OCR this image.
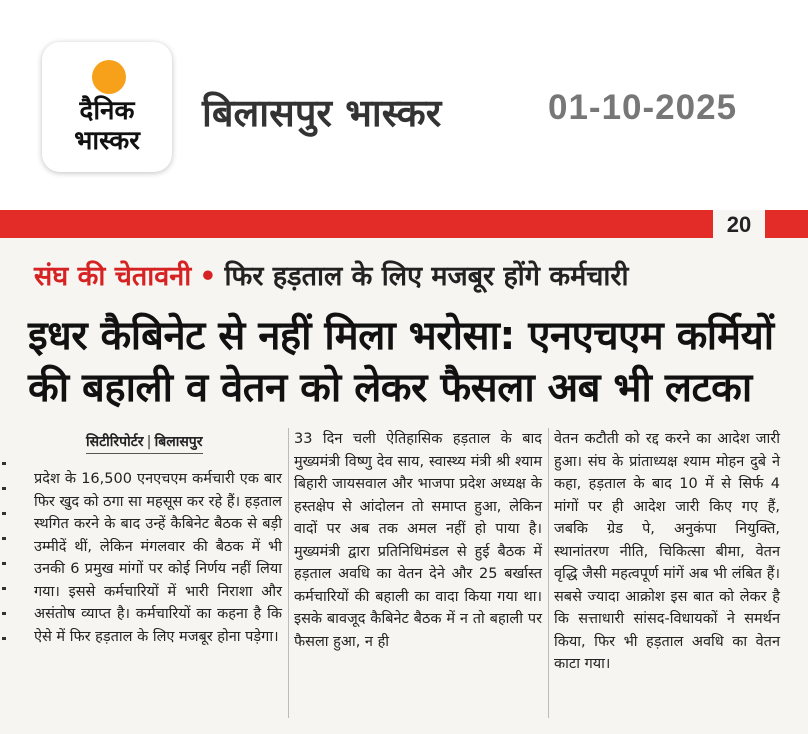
दैनिक
भास्कर
बिलासपुर भास्कर	01-10-2025
20
संघ की चेतावनी • फिर हड़ताल के लिए मजबूर होंगे कर्मचारी
इधर कैबिनेट से नहीं मिला भरोसा: एनएचएम कर्मियों की बहाली व वेतन को लेकर फैसला अब भी लटका
सिटीरिपोर्टर | बिलासपुर
प्रदेश के 16,500 एनएचएम कर्मचारी एक बार फिर खुद को ठगा सा महसूस कर रहे हैं। हड़ताल स्थगित करने के बाद उन्हें कैबिनेट बैठक से बड़ी उम्मीदें थीं, लेकिन मंगलवार की बैठक में भी उनकी 6 प्रमुख मांगों पर कोई निर्णय नहीं लिया गया। इससे कर्मचारियों में भारी निराशा और असंतोष व्याप्त है। कर्मचारियों का कहना है कि ऐसे में फिर हड़ताल के लिए मजबूर होना पड़ेगा।
33 दिन चली ऐतिहासिक हड़ताल के बाद मुख्यमंत्री विष्णु देव साय, स्वास्थ्य मंत्री श्री श्याम बिहारी जायसवाल और भाजपा प्रदेश अध्यक्ष के हस्तक्षेप से आंदोलन तो समाप्त हुआ, लेकिन वादों पर अब तक अमल नहीं हो पाया है। मुख्यमंत्री द्वारा प्रतिनिधिमंडल से हुई बैठक में हड़ताल अवधि का वेतन देने और 25 बर्खास्त कर्मचारियों की बहाली का वादा किया गया था। इसके बावजूद कैबिनेट बैठक में न तो बहाली पर फैसला हुआ, न ही
वेतन कटौती को रद्द करने का आदेश जारी हुआ। संघ के प्रांताध्यक्ष श्याम मोहन दुबे ने कहा, हड़ताल के बाद 10 में से सिर्फ 4 मांगों पर ही आदेश जारी किए गए हैं, जबकि ग्रेड पे, अनुकंपा नियुक्ति, स्थानांतरण नीति, चिकित्सा बीमा, वेतन वृद्धि जैसी महत्वपूर्ण मांगें अब भी लंबित हैं। सबसे ज्यादा आक्रोश इस बात को लेकर है कि सत्ताधारी सांसद-विधायकों ने समर्थन किया, फिर भी हड़ताल अवधि का वेतन काटा गया।
